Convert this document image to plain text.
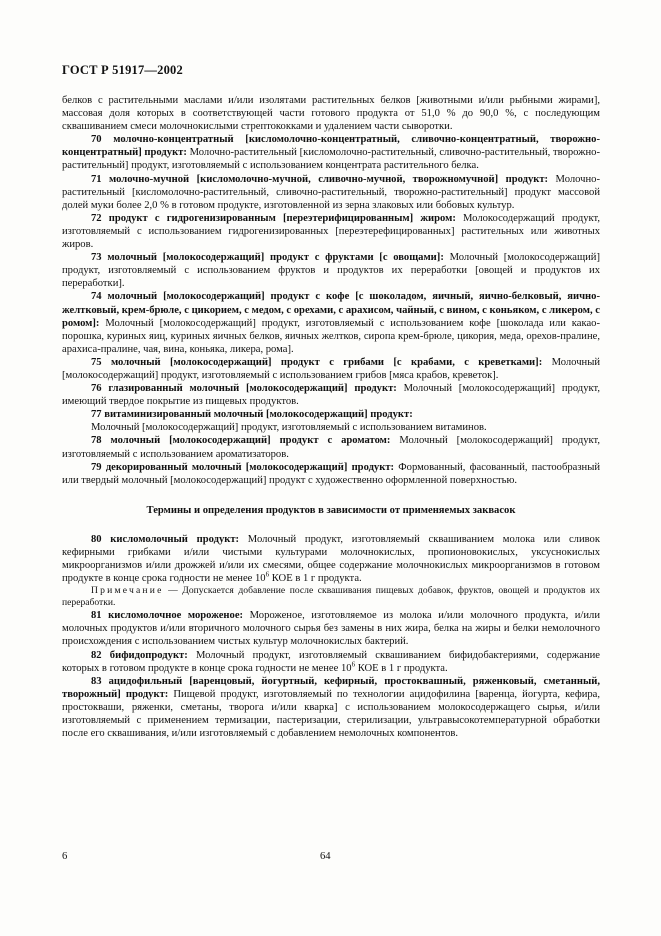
ГОСТ Р 51917—2002

белков с растительными маслами и/или изолятами растительных белков [животными и/или рыбными жирами], массовая доля которых в соответствующей части готового продукта от 51,0 % до 90,0 %, с последующим сквашиванием смеси молочнокислыми стрептококками и удалением части сыворотки.

70 молочно-концентратный [кисломолочно-концентратный, сливочно-концентратный, творожно-концентратный] продукт: Молочно-растительный [кисломолочно-растительный, сливочно-растительный, творожно-растительный] продукт, изготовляемый с использованием концентрата растительного белка.

71 молочно-мучной [кисломолочно-мучной, сливочно-мучной, творожномучной] продукт: Молочно-растительный [кисломолочно-растительный, сливочно-растительный, творожно-растительный] продукт массовой долей муки более 2,0 % в готовом продукте, изготовленной из зерна злаковых или бобовых культур.

72 продукт с гидрогенизированным [переэтерифицированным] жиром: Молокосодержащий продукт, изготовляемый с использованием гидрогенизированных [переэтерефицированных] растительных или животных жиров.

73 молочный [молокосодержащий] продукт с фруктами [с овощами]: Молочный [молокосодержащий] продукт, изготовляемый с использованием фруктов и продуктов их переработки [овощей и продуктов их переработки].

74 молочный [молокосодержащий] продукт с кофе [с шоколадом, яичный, яично-белковый, яично-желтковый, крем-брюле, с цикорием, с медом, с орехами, с арахисом, чайный, с вином, с коньяком, с ликером, с ромом]: Молочный [молокосодержащий] продукт, изготовляемый с использованием кофе [шоколада или какао-порошка, куриных яиц, куриных яичных белков, яичных желтков, сиропа крем-брюле, цикория, меда, орехов-пралине, арахиса-пралине, чая, вина, коньяка, ликера, рома].

75 молочный [молокосодержащий] продукт с грибами [с крабами, с креветками]: Молочный [молокосодержащий] продукт, изготовляемый с использованием грибов [мяса крабов, креветок].

76 глазированный молочный [молокосодержащий] продукт: Молочный [молокосодержащий] продукт, имеющий твердое покрытие из пищевых продуктов.

77 витаминизированный молочный [молокосодержащий] продукт:

Молочный [молокосодержащий] продукт, изготовляемый с использованием витаминов.

78 молочный [молокосодержащий] продукт с ароматом: Молочный [молокосодержащий] продукт, изготовляемый с использованием ароматизаторов.

79 декорированный молочный [молокосодержащий] продукт: Формованный, фасованный, пастообразный или твердый молочный [молокосодержащий] продукт с художественно оформленной поверхностью.

Термины и определения продуктов в зависимости от применяемых заквасок

80 кисломолочный продукт: Молочный продукт, изготовляемый сквашиванием молока или сливок кефирными грибками и/или чистыми культурами молочнокислых, пропионовокислых, уксуснокислых микроорганизмов и/или дрожжей и/или их смесями, общее содержание молочнокислых микроорганизмов в готовом продукте в конце срока годности не менее $10^6$ КОЕ в 1 г продукта.

Примечание — Допускается добавление после сквашивания пищевых добавок, фруктов, овощей и продуктов их переработки.

81 кисломолочное мороженое: Мороженое, изготовляемое из молока и/или молочного продукта, и/или молочных продуктов и/или вторичного молочного сырья без замены в них жира, белка на жиры и белки немолочного происхождения с использованием чистых культур молочнокислых бактерий.

82 бифидопродукт: Молочный продукт, изготовляемый сквашиванием бифидобактериями, содержание которых в готовом продукте в конце срока годности не менее $10^6$ КОЕ в 1 г продукта.

83 ацидофильный [варенцовый, йогуртный, кефирный, простоквашный, ряженковый, сметанный, творожный] продукт: Пищевой продукт, изготовляемый по технологии ацидофилина [варенца, йогурта, кефира, простокваши, ряженки, сметаны, творога и/или кварка] с использованием молокосодержащего сырья, и/или изготовляемый с применением термизации, пастеризации, стерилизации, ультравысокотемпературной обработки после его сквашивания, и/или изготовляемый с добавлением немолочных компонентов.

6	64
